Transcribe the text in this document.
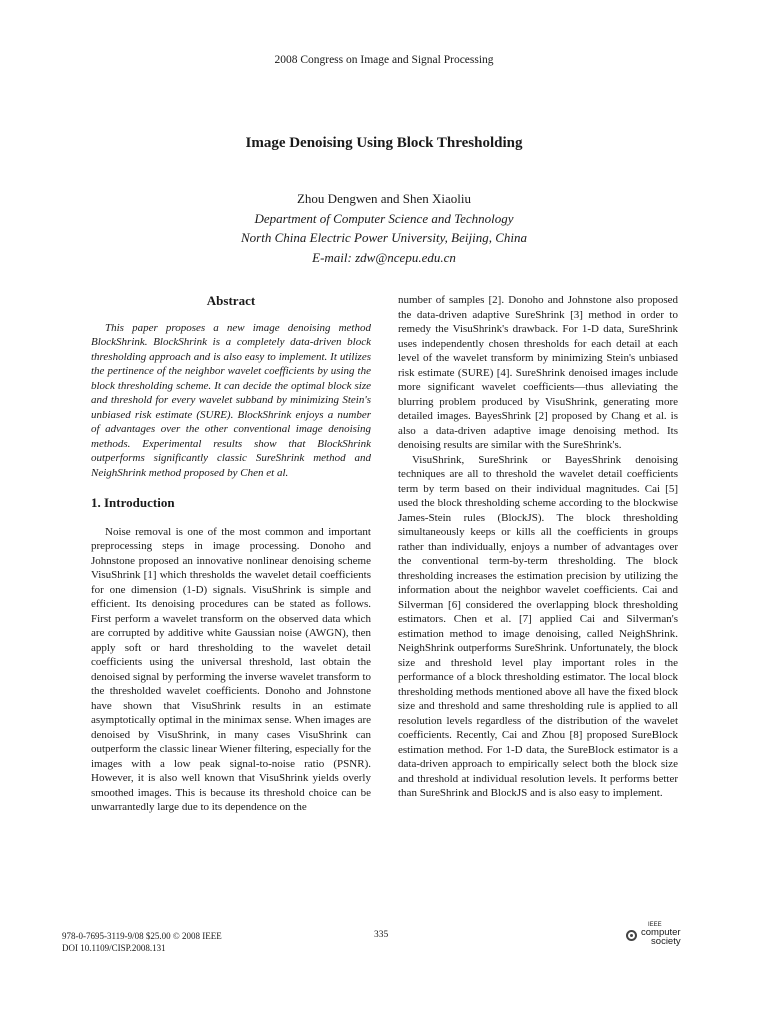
2008 Congress on Image and Signal Processing
Image Denoising Using Block Thresholding
Zhou Dengwen and Shen Xiaoliu
Department of Computer Science and Technology
North China Electric Power University, Beijing, China
E-mail: zdw@ncepu.edu.cn

Abstract

This paper proposes a new image denoising method BlockShrink. BlockShrink is a completely data-driven block thresholding approach and is also easy to implement. It utilizes the pertinence of the neighbor wavelet coefficients by using the block thresholding scheme. It can decide the optimal block size and threshold for every wavelet subband by minimizing Stein's unbiased risk estimate (SURE). BlockShrink enjoys a number of advantages over the other conventional image denoising methods. Experimental results show that BlockShrink outperforms significantly classic SureShrink method and NeighShrink method proposed by Chen et al.

1. Introduction

Noise removal is one of the most common and important preprocessing steps in image processing. Donoho and Johnstone proposed an innovative nonlinear denoising scheme VisuShrink [1] which thresholds the wavelet detail coefficients for one dimension (1-D) signals. VisuShrink is simple and efficient. Its denoising procedures can be stated as follows. First perform a wavelet transform on the observed data which are corrupted by additive white Gaussian noise (AWGN), then apply soft or hard thresholding to the wavelet detail coefficients using the universal threshold, last obtain the denoised signal by performing the inverse wavelet transform to the thresholded wavelet coefficients. Donoho and Johnstone have shown that VisuShrink results in an estimate asymptotically optimal in the minimax sense. When images are denoised by VisuShrink, in many cases VisuShrink can outperform the classic linear Wiener filtering, especially for the images with a low peak signal-to-noise ratio (PSNR). However, it is also well known that VisuShrink yields overly smoothed images. This is because its threshold choice can be unwarrantedly large due to its dependence on the

number of samples [2]. Donoho and Johnstone also proposed the data-driven adaptive SureShrink [3] method in order to remedy the VisuShrink's drawback. For 1-D data, SureShrink uses independently chosen thresholds for each detail at each level of the wavelet transform by minimizing Stein's unbiased risk estimate (SURE) [4]. SureShrink denoised images include more significant wavelet coefficients—thus alleviating the blurring problem produced by VisuShrink, generating more detailed images. BayesShrink [2] proposed by Chang et al. is also a data-driven adaptive image denoising method. Its denoising results are similar with the SureShrink's.

VisuShrink, SureShrink or BayesShrink denoising techniques are all to threshold the wavelet detail coefficients term by term based on their individual magnitudes. Cai [5] used the block thresholding scheme according to the blockwise James-Stein rules (BlockJS). The block thresholding simultaneously keeps or kills all the coefficients in groups rather than individually, enjoys a number of advantages over the conventional term-by-term thresholding. The block thresholding increases the estimation precision by utilizing the information about the neighbor wavelet coefficients. Cai and Silverman [6] considered the overlapping block thresholding estimators. Chen et al. [7] applied Cai and Silverman's estimation method to image denoising, called NeighShrink. NeighShrink outperforms SureShrink. Unfortunately, the block size and threshold level play important roles in the performance of a block thresholding estimator. The local block thresholding methods mentioned above all have the fixed block size and threshold and same thresholding rule is applied to all resolution levels regardless of the distribution of the wavelet coefficients. Recently, Cai and Zhou [8] proposed SureBlock estimation method. For 1-D data, the SureBlock estimator is a data-driven approach to empirically select both the block size and threshold at individual resolution levels. It performs better than SureShrink and BlockJS and is also easy to implement.

978-0-7695-3119-9/08 $25.00 © 2008 IEEE
DOI 10.1109/CISP.2008.131
335
IEEE
computer
society
